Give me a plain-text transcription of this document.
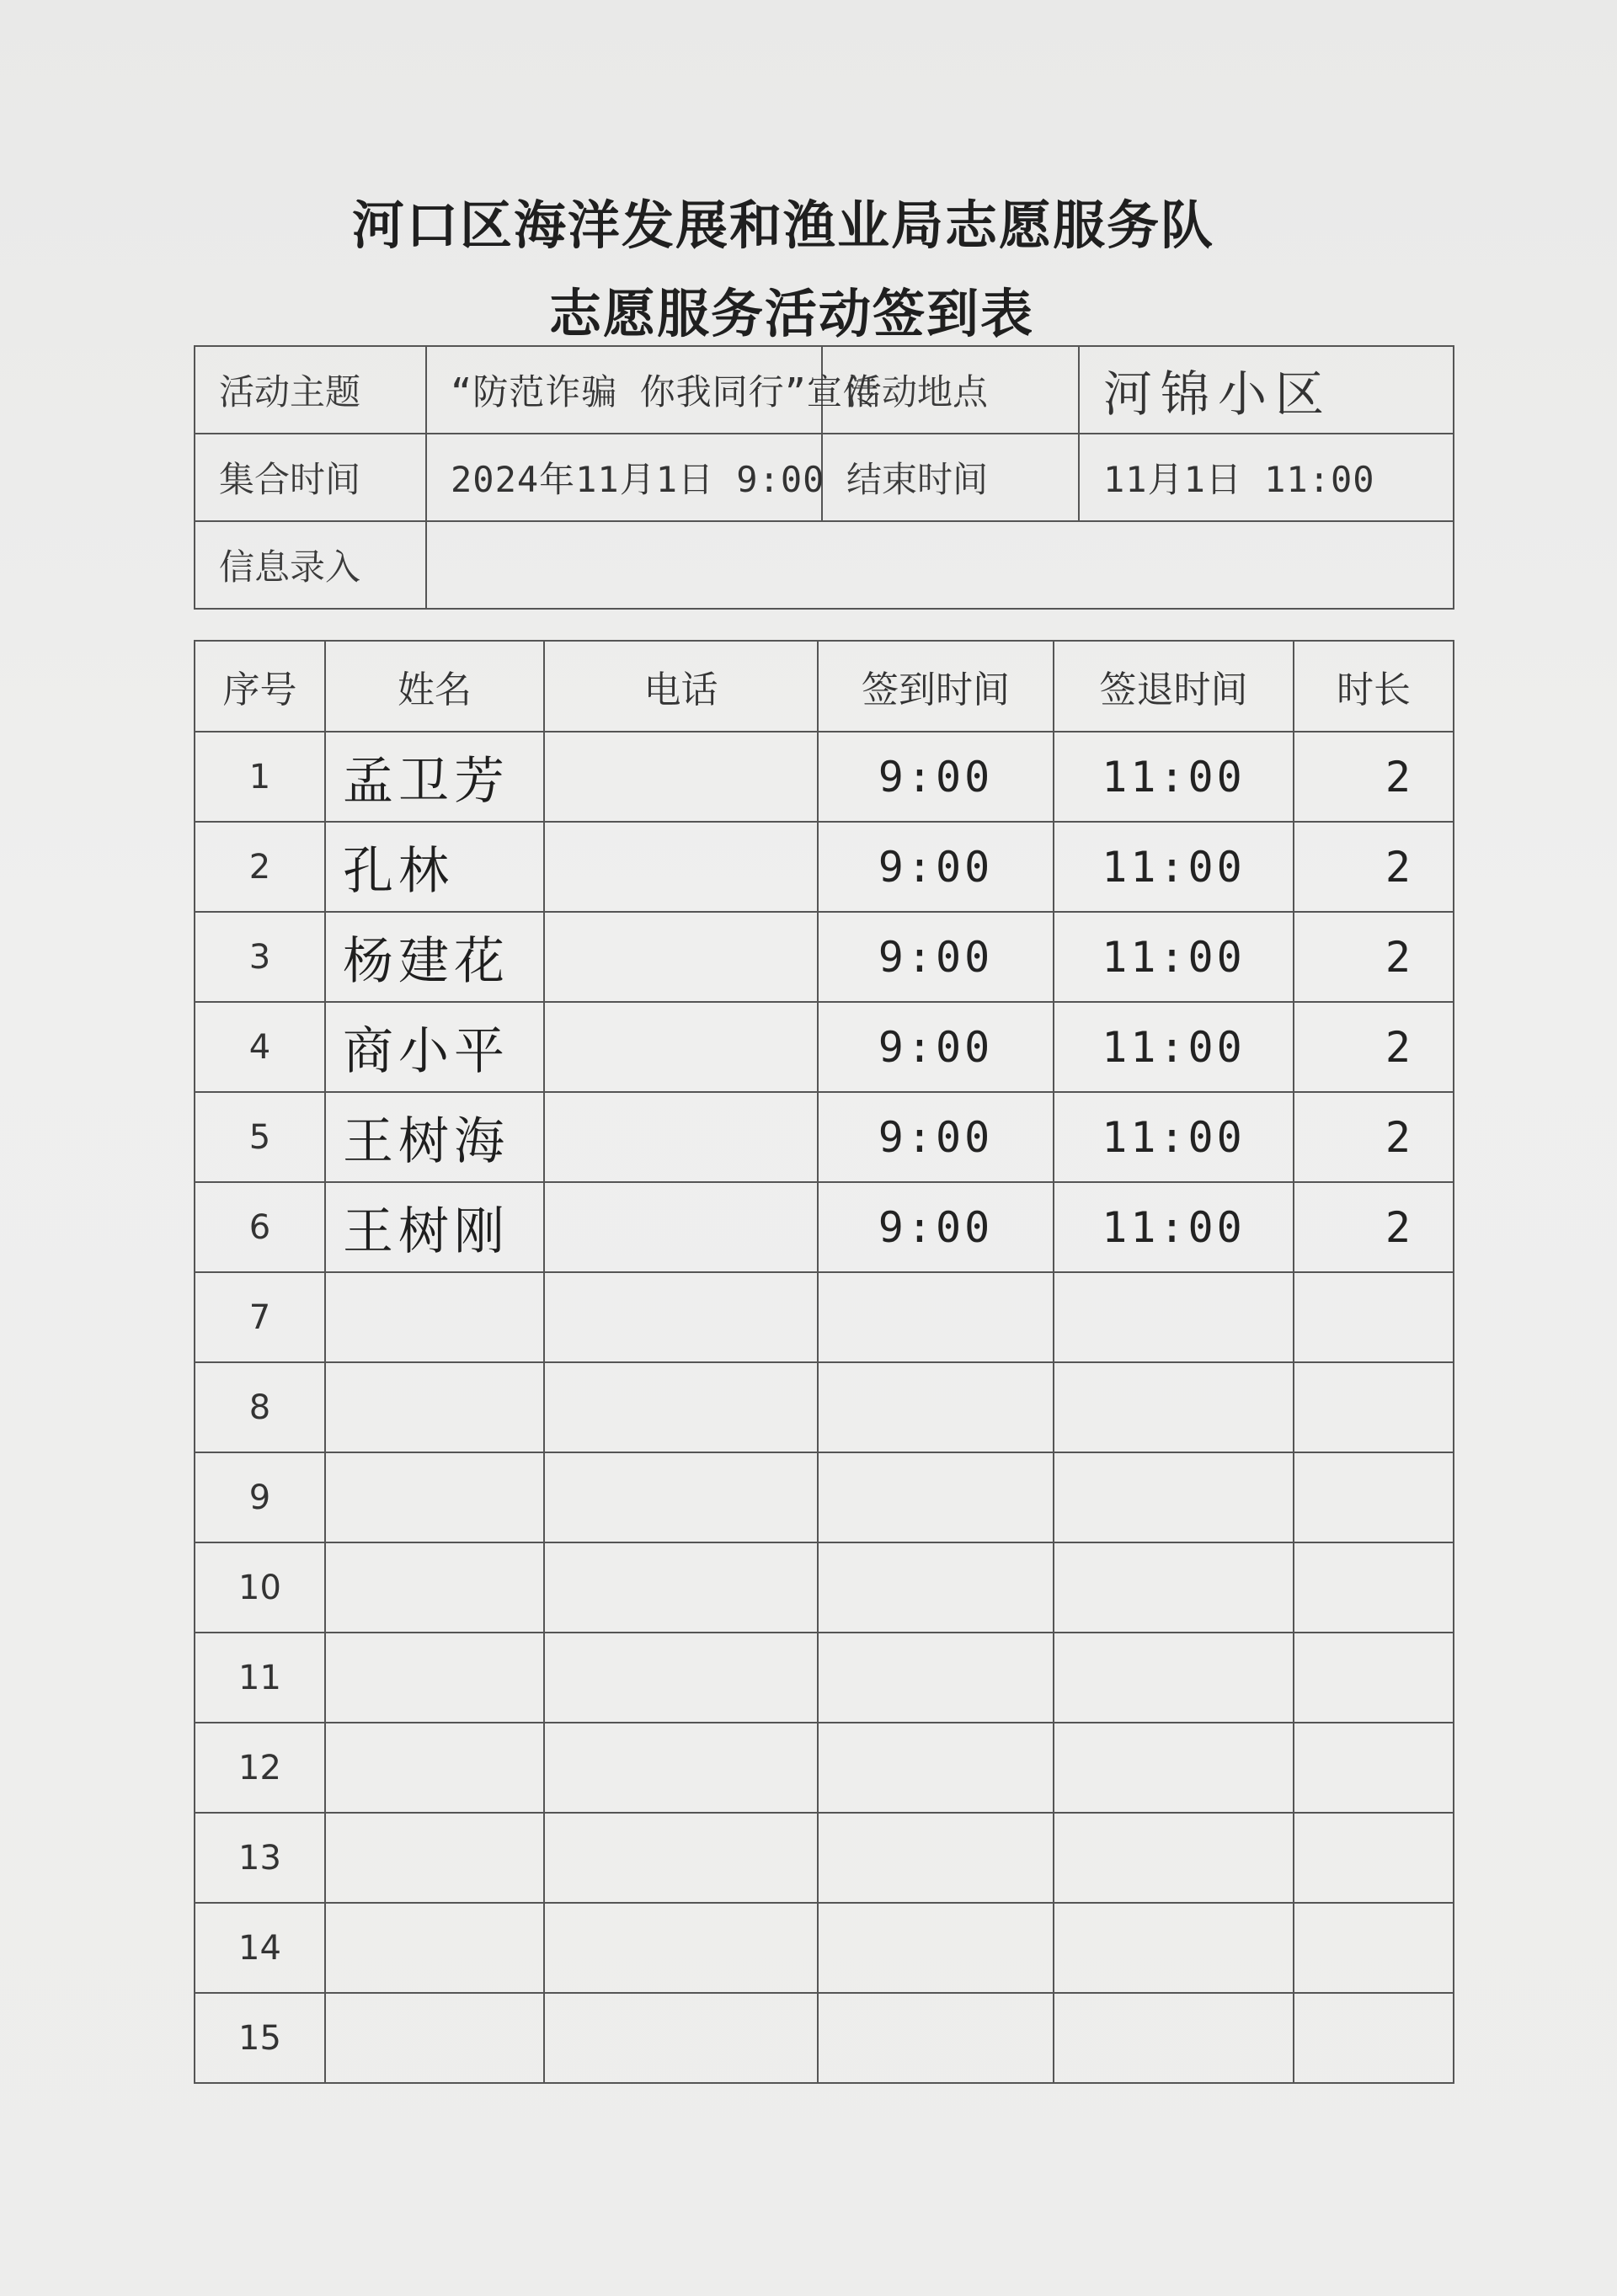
河口区海洋发展和渔业局志愿服务队
志愿服务活动签到表
活动主题	“防范诈骗 你我同行”宣传	活动地点	河锦小区
集合时间	2024年11月1日 9:00	结束时间	11月1日 11:00
信息录入			
序号	姓名	电话	签到时间	签退时间	时长
1	孟卫芳		9:00	11:00	2
2	孔林		9:00	11:00	2
3	杨建花		9:00	11:00	2
4	商小平		9:00	11:00	2
5	王树海		9:00	11:00	2
6	王树刚		9:00	11:00	2
7					
8					
9					
10					
11					
12					
13					
14					
15					
